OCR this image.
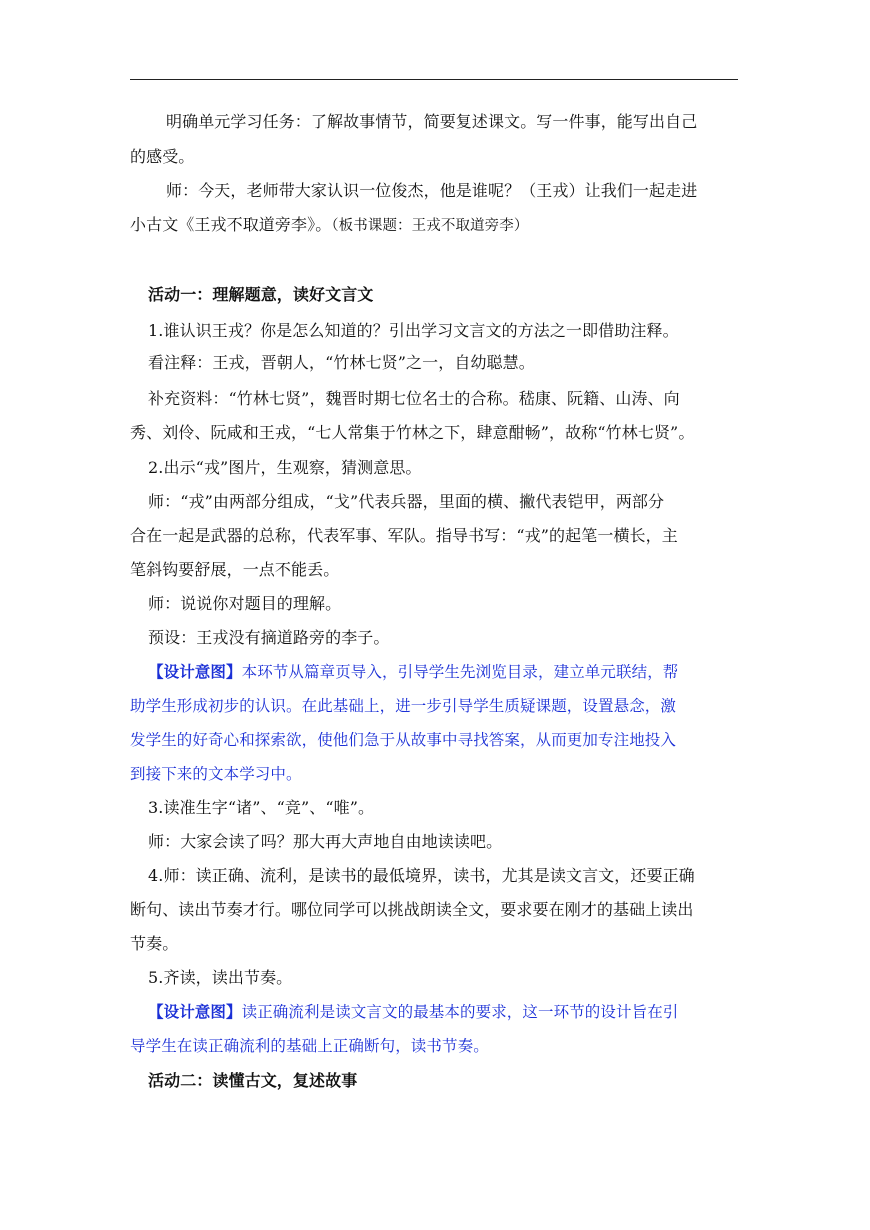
明确单元学习任务：了解故事情节，简要复述课文。写一件事，能写出自己
的感受。
师：今天，老师带大家认识一位俊杰，他是谁呢？（王戎）让我们一起走进
小古文《王戎不取道旁李》。（板书课题：王戎不取道旁李）
活动一：理解题意，读好文言文
1.谁认识王戎？你是怎么知道的？引出学习文言文的方法之一即借助注释。
看注释：王戎，晋朝人，“竹林七贤”之一，自幼聪慧。
补充资料：“竹林七贤”，魏晋时期七位名士的合称。嵇康、阮籍、山涛、向
秀、刘伶、阮咸和王戎，“七人常集于竹林之下，肆意酣畅”，故称“竹林七贤”。
2.出示“戎”图片，生观察，猜测意思。
师：“戎”由两部分组成，“戈”代表兵器，里面的横、撇代表铠甲，两部分
合在一起是武器的总称，代表军事、军队。指导书写：“戎”的起笔一横长，主
笔斜钩要舒展，一点不能丢。
师：说说你对题目的理解。
预设：王戎没有摘道路旁的李子。
【设计意图】本环节从篇章页导入，引导学生先浏览目录，建立单元联结，帮
助学生形成初步的认识。在此基础上，进一步引导学生质疑课题，设置悬念，激
发学生的好奇心和探索欲，使他们急于从故事中寻找答案，从而更加专注地投入
到接下来的文本学习中。
3.读准生字“诸”、“竞”、“唯”。
师：大家会读了吗？那大再大声地自由地读读吧。
4.师：读正确、流利，是读书的最低境界，读书，尤其是读文言文，还要正确
断句、读出节奏才行。哪位同学可以挑战朗读全文，要求要在刚才的基础上读出
节奏。
5.齐读，读出节奏。
【设计意图】读正确流利是读文言文的最基本的要求，这一环节的设计旨在引
导学生在读正确流利的基础上正确断句，读书节奏。
活动二：读懂古文，复述故事
